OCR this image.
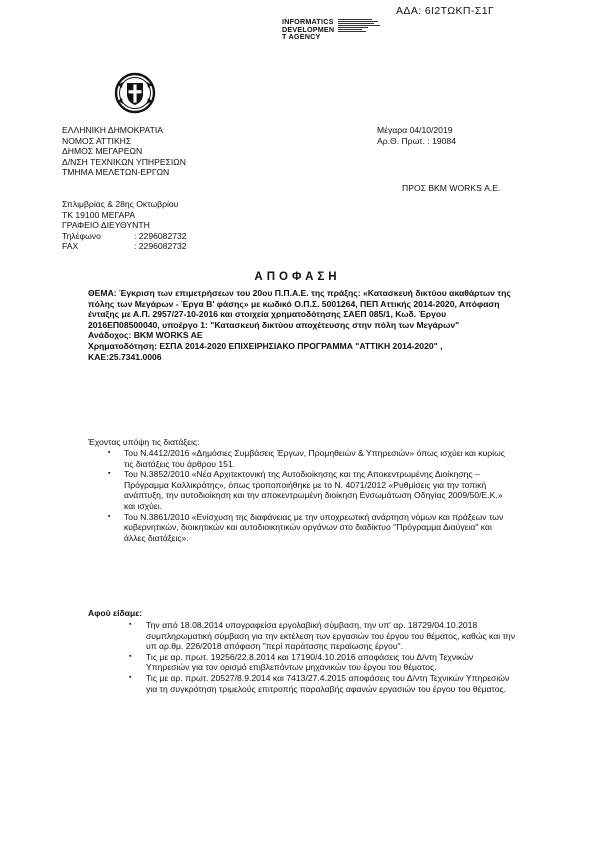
ΑΔΑ: 6Ι2ΤΩΚΠ-Σ1Γ
INFORMATICS
DEVELOPMEN
T AGENCY
ΕΛΛΗΝΙΚΗ ΔΗΜΟΚΡΑΤΙΑ
ΝΟΜΟΣ ΑΤΤΙΚΗΣ
ΔΗΜΟΣ ΜΕΓΑΡΕΩΝ
Δ/ΝΣΗ ΤΕΧΝΙΚΩΝ ΥΠΗΡΕΣΙΩΝ
ΤΜΗΜΑ ΜΕΛΕΤΩΝ-ΕΡΓΩΝ
Μέγαρα 04/10/2019
Αρ.Θ. Πρωτ. : 19084
ΠΡΟΣ ΒΚΜ WORKS Α.Ε.
Σπλιμβρίας & 28ης Οκτωβρίου
ΤΚ 19100 ΜΕΓΑΡΑ
ΓΡΑΦΕΙΟ ΔΙΕΥΘΥΝΤΗ
Τηλέφωνο	: 2296082732
FAX	: 2296082732
ΑΠΟΦΑΣΗ

ΘΕΜΑ: Έγκριση των επιμετρήσεων του 20ου Π.Π.Α.Ε. της πράξης: «Κατασκευή δικτύου ακαθάρτων της πόλης των Μεγάρων - Έργα Β' φάσης» με κωδικό Ο.Π.Σ. 5001264, ΠΕΠ Αττικής 2014-2020, Απόφαση ένταξης με Α.Π. 2957/27-10-2016 και στοιχεία χρηματοδότησης ΣΑΕΠ 085/1, Κωδ. Έργου 2016ΕΠ08500040, υποέργο 1: "Κατασκευή δικτύου αποχέτευσης στην πόλη των Μεγάρων"

Ανάδοχος: ΒΚΜ WORKS AE

Χρηματοδότηση: ΕΣΠΑ 2014-2020 ΕΠΙΧΕΙΡΗΣΙΑΚΟ ΠΡΟΓΡΑΜΜΑ "ΑΤΤΙΚΗ 2014-2020" , ΚΑΕ:25.7341.0006

Έχοντας υπόψη τις διατάξεις:
▪ Του Ν.4412/2016 «Δημόσιες Συμβάσεις Έργων, Προμηθειών & Υπηρεσιών» όπως ισχύει και κυρίως τις διατάξεις του άρθρου 151.
▪ Του Ν.3852/2010 «Νέα Αρχιτεκτονική της Αυτοδιοίκησης και της Αποκεντρωμένης Διοίκησης – Πρόγραμμα Καλλικράτης», όπως τροποποιήθηκε με το Ν. 4071/2012 «Ρυθμίσεις για την τοπική ανάπτυξη, την αυτοδιοίκηση και την αποκεντρωμένη διοίκηση Ενσωμάτωση Οδηγίας 2009/50/Ε.Κ.» και ισχύει.
▪ Του Ν.3861/2010 «Ενίσχυση της διαφάνειας με την υποχρεωτική ανάρτηση νόμων και πράξεων των κυβερνητικών, διοικητικών και αυτοδιοικητικών οργάνων στο διαδίκτυο "Πρόγραμμα Διαύγεια" και άλλες διατάξεις».
Αφού είδαμε:
▪ Την από 18.08.2014 υπογραφείσα εργολαβική σύμβαση, την υπ' αρ. 18729/04.10.2018 συμπληρωματική σύμβαση για την εκτέλεση των εργασιών του έργου του θέματος, καθώς και την υπ αρ.θμ. 226/2018 απόφαση "περί παράτασης περαίωσης έργου".
▪ Τις με αρ. πρωτ. 19256/22.8.2014 και 17190/4.10.2016 αποφάσεις του Δ/ντη Τεχνικών Υπηρεσιών για τον ορισμό επιβλεπόντων μηχανικών του έργου του θέματος.
▪ Τις με αρ. πρωτ. 20527/8.9.2014 και 7413/27.4.2015 αποφάσεις του Δ/ντη Τεχνικών Υπηρεσιών για τη συγκρότηση τριμελούς επιτροπής παραλαβής αφανών εργασιών του έργου του θέματος.
